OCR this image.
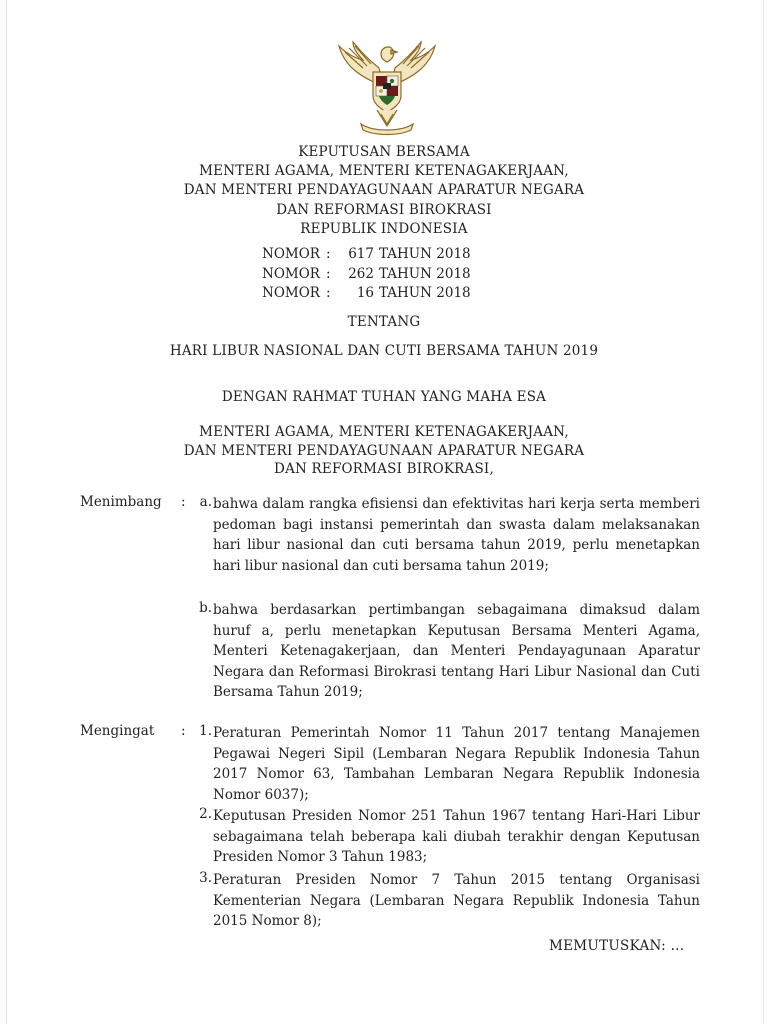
KEPUTUSAN BERSAMA
MENTERI AGAMA, MENTERI KETENAGAKERJAAN,
DAN MENTERI PENDAYAGUNAAN APARATUR NEGARA
DAN REFORMASI BIROKRASI
REPUBLIK INDONESIA
NOMOR : 617 TAHUN 2018
NOMOR : 262 TAHUN 2018
NOMOR : 16 TAHUN 2018
TENTANG
HARI LIBUR NASIONAL DAN CUTI BERSAMA TAHUN 2019
DENGAN RAHMAT TUHAN YANG MAHA ESA
MENTERI AGAMA, MENTERI KETENAGAKERJAAN,
DAN MENTERI PENDAYAGUNAAN APARATUR NEGARA
DAN REFORMASI BIROKRASI,
Menimbang :	a. bahwa dalam rangka efisiensi dan efektivitas hari kerja serta memberi pedoman bagi instansi pemerintah dan swasta dalam melaksanakan hari libur nasional dan cuti bersama tahun 2019, perlu menetapkan hari libur nasional dan cuti bersama tahun 2019;
b. bahwa berdasarkan pertimbangan sebagaimana dimaksud dalam huruf a, perlu menetapkan Keputusan Bersama Menteri Agama, Menteri Ketenagakerjaan, dan Menteri Pendayagunaan Aparatur Negara dan Reformasi Birokrasi tentang Hari Libur Nasional dan Cuti Bersama Tahun 2019;
Mengingat :	1. Peraturan Pemerintah Nomor 11 Tahun 2017 tentang Manajemen Pegawai Negeri Sipil (Lembaran Negara Republik Indonesia Tahun 2017 Nomor 63, Tambahan Lembaran Negara Republik Indonesia Nomor 6037);
2. Keputusan Presiden Nomor 251 Tahun 1967 tentang Hari-Hari Libur sebagaimana telah beberapa kali diubah terakhir dengan Keputusan Presiden Nomor 3 Tahun 1983;
3. Peraturan Presiden Nomor 7 Tahun 2015 tentang Organisasi Kementerian Negara (Lembaran Negara Republik Indonesia Tahun 2015 Nomor 8);
MEMUTUSKAN: ...
